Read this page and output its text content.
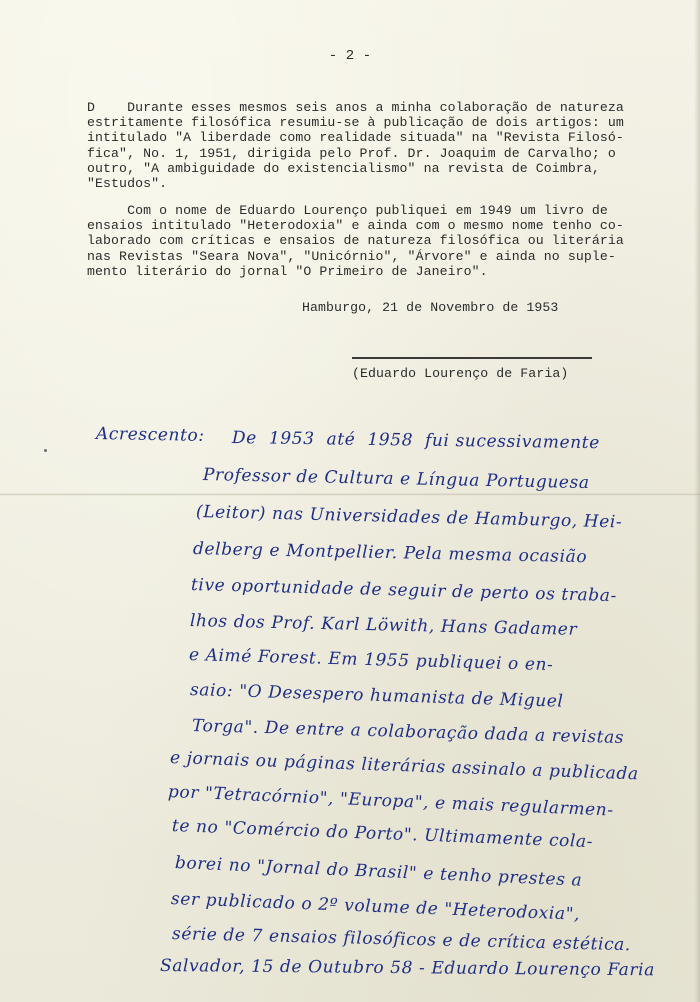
- 2 -

D    Durante esses mesmos seis anos a minha colaboração de natureza
estritamente filosófica resumiu-se à publicação de dois artigos: um
intitulado "A liberdade como realidade situada" na "Revista Filosó-
fica", No. 1, 1951, dirigida pelo Prof. Dr. Joaquim de Carvalho; o
outro, "A ambiguidade do existencialismo" na revista de Coimbra,
"Estudos".

Com o nome de Eduardo Lourenço publiquei em 1949 um livro de
ensaios intitulado "Heterodoxia" e ainda com o mesmo nome tenho co-
laborado com críticas e ensaios de natureza filosófica ou literária
nas Revistas "Seara Nova", "Unicórnio", "Árvore" e ainda no suple-
mento literário do jornal "O Primeiro de Janeiro".

Hamburgo, 21 de Novembro de 1953
(Eduardo Lourenço de Faria)
Acrescento: De  1953  até  1958  fui sucessivamente
Professor de Cultura e Língua Portuguesa
(Leitor) nas Universidades de Hamburgo, Hei-
delberg e Montpellier. Pela mesma ocasião
tive oportunidade de seguir de perto os traba-
lhos dos Prof. Karl Löwith, Hans Gadamer
e Aimé Forest. Em 1955 publiquei o en-
saio: "O Desespero humanista de Miguel
Torga". De entre a colaboração dada a revistas
e jornais ou páginas literárias assinalo a publicada
por "Tetracórnio", "Europa", e mais regularmen-
te no "Comércio do Porto". Ultimamente cola-
borei no "Jornal do Brasil" e tenho prestes a
ser publicado o 2º volume de "Heterodoxia",
série de 7 ensaios filosóficos e de crítica estética.
Salvador, 15 de Outubro 58 - Eduardo Lourenço Faria
